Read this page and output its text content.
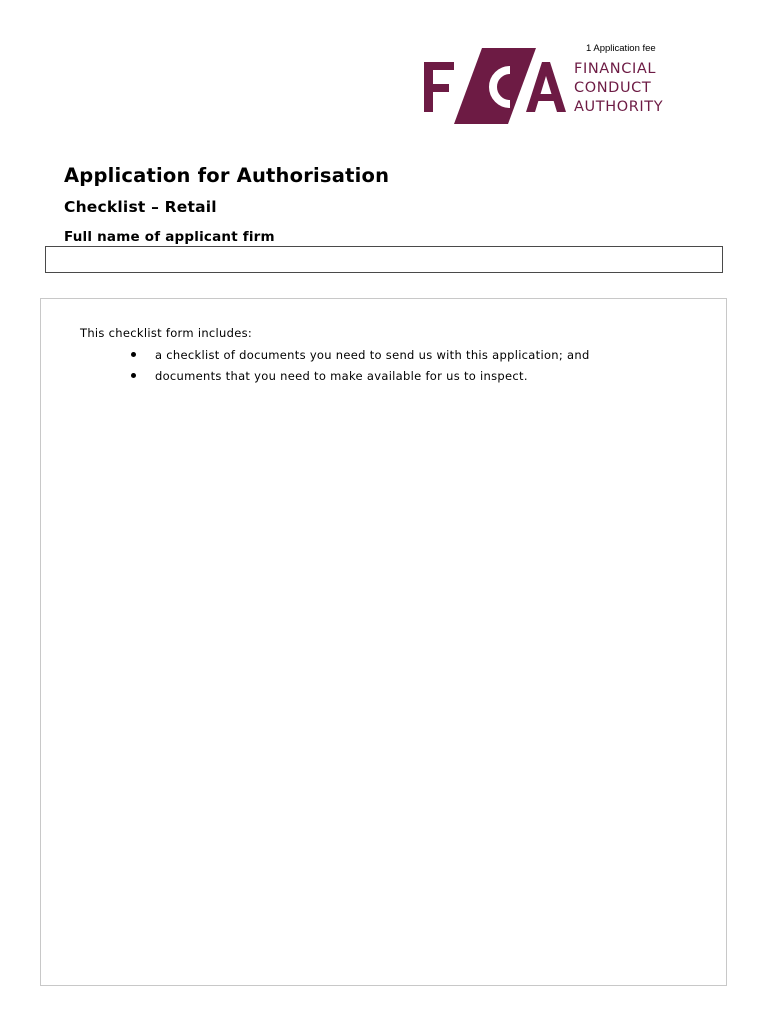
1 Application fee
FINANCIAL
CONDUCT
AUTHORITY
Application for Authorisation
Checklist – Retail
Full name of applicant firm
This checklist form includes:
a checklist of documents you need to send us with this application; and
documents that you need to make available for us to inspect.
